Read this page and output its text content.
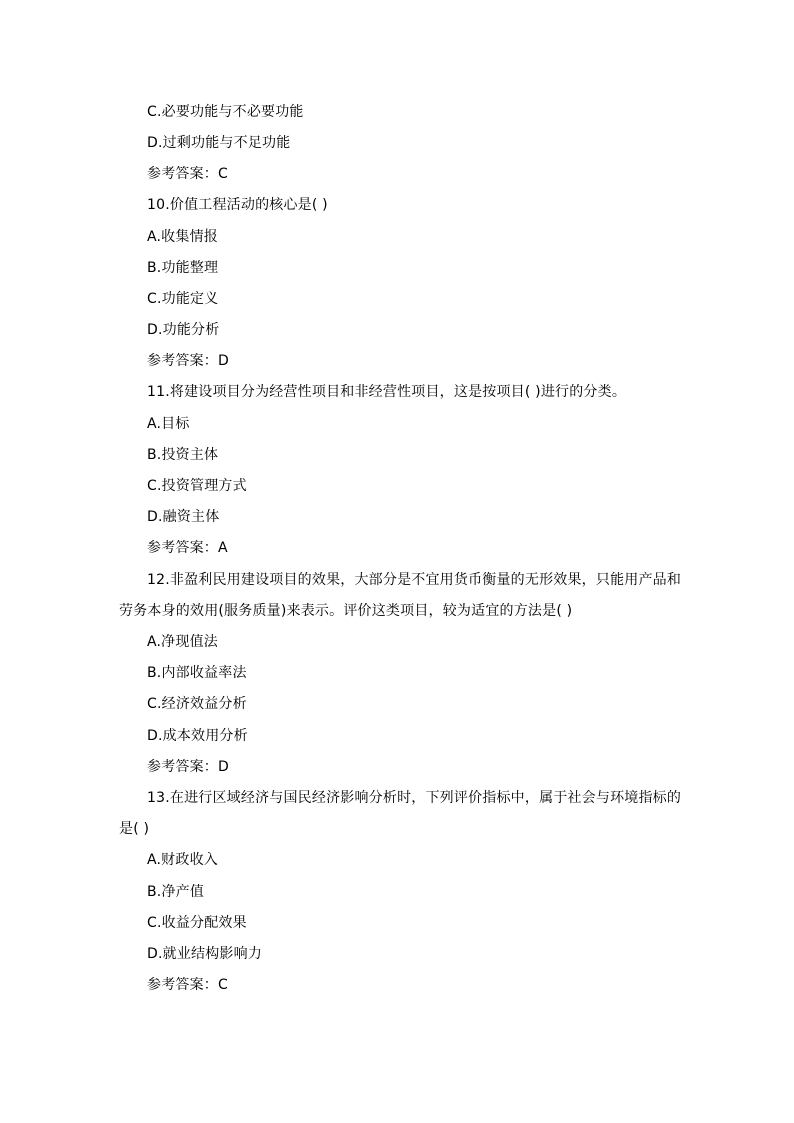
C.必要功能与不必要功能
D.过剩功能与不足功能
参考答案：C
10.价值工程活动的核心是( )
A.收集情报
B.功能整理
C.功能定义
D.功能分析
参考答案：D
11.将建设项目分为经营性项目和非经营性项目，这是按项目( )进行的分类。
A.目标
B.投资主体
C.投资管理方式
D.融资主体
参考答案：A
12.非盈利民用建设项目的效果，大部分是不宜用货币衡量的无形效果，只能用产品和
劳务本身的效用(服务质量)来表示。评价这类项目，较为适宜的方法是( )
A.净现值法
B.内部收益率法
C.经济效益分析
D.成本效用分析
参考答案：D
13.在进行区域经济与国民经济影响分析时，下列评价指标中，属于社会与环境指标的
是( )
A.财政收入
B.净产值
C.收益分配效果
D.就业结构影响力
参考答案：C
